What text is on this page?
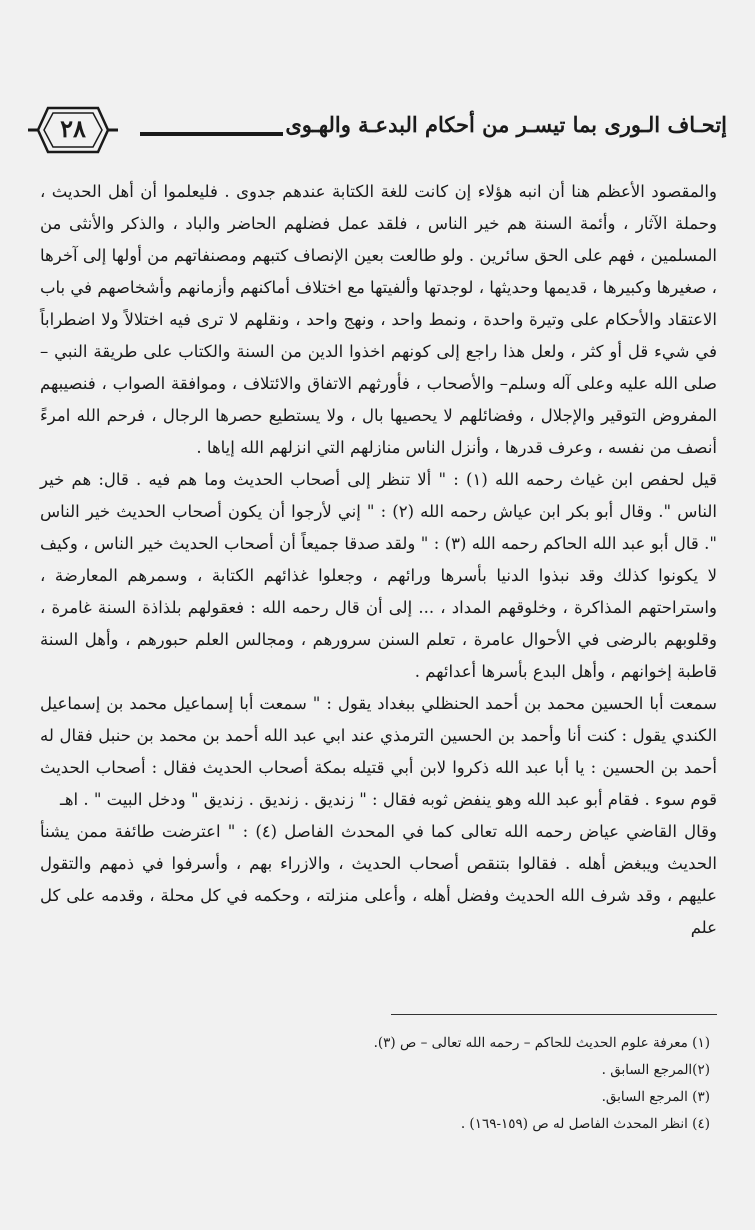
إتحـاف الـورى بما تيسـر من أحكام البدعـة والهـوى
٢٨

والمقصود الأعظم هنا أن انبه هؤلاء إن كانت للغة الكتابة عندهم جدوى . فليعلموا أن أهل الحديث ، وحملة الآثار ، وأئمة السنة هم خير الناس ، فلقد عمل فضلهم الحاضر والباد ، والذكر والأنثى من المسلمين ، فهم على الحق سائرين . ولو طالعت بعين الإنصاف كتبهم ومصنفاتهم من أولها إلى آخرها ، صغيرها وكبيرها ، قديمها وحديثها ، لوجدتها وألفيتها مع اختلاف أماكنهم وأزمانهم وأشخاصهم في باب الاعتقاد والأحكام على وتيرة واحدة ، ونمط واحد ، ونهج واحد ، ونقلهم لا ترى فيه اختلالاً ولا اضطراباً في شيء قل أو كثر ، ولعل هذا راجع إلى كونهم اخذوا الدين من السنة والكتاب على طريقة النبي –صلى الله عليه وعلى آله وسلم– والأصحاب ، فأورثهم الاتفاق والائتلاف ، وموافقة الصواب ، فنصيبهم المفروض التوقير والإجلال ، وفضائلهم لا يحصيها بال ، ولا يستطيع حصرها الرجال ، فرحم الله امرءً أنصف من نفسه ، وعرف قدرها ، وأنزل الناس منازلهم التي انزلهم الله إياها .

قيل لحفص ابن غياث رحمه الله (١) : " ألا تنظر إلى أصحاب الحديث وما هم فيه . قال: هم خير الناس ". وقال أبو بكر ابن عياش رحمه الله (٢) : " إني لأرجوا أن يكون أصحاب الحديث خير الناس ". قال أبو عبد الله الحاكم رحمه الله (٣) : " ولقد صدقا جميعاً أن أصحاب الحديث خير الناس ، وكيف لا يكونوا كذلك وقد نبذوا الدنيا بأسرها ورائهم ، وجعلوا غذائهم الكتابة ، وسمرهم المعارضة ، واستراحتهم المذاكرة ، وخلوقهم المداد ، ... إلى أن قال رحمه الله : فعقولهم بلذاذة السنة غامرة ، وقلوبهم بالرضى في الأحوال عامرة ، تعلم السنن سرورهم ، ومجالس العلم حبورهم ، وأهل السنة قاطبة إخوانهم ، وأهل البدع بأسرها أعدائهم .

سمعت أبا الحسين محمد بن أحمد الحنظلي ببغداد يقول : " سمعت أبا إسماعيل محمد بن إسماعيل الكندي يقول : كنت أنا وأحمد بن الحسين الترمذي عند ابي عبد الله أحمد بن محمد بن حنبل فقال له أحمد بن الحسين : يا أبا عبد الله ذكروا لابن أبي قتيله بمكة أصحاب الحديث فقال : أصحاب الحديث قوم سوء . فقام أبو عبد الله وهو ينفض ثوبه فقال : " زنديق . زنديق . زنديق " ودخل البيت " . اهـ

وقال القاضي عياض رحمه الله تعالى كما في المحدث الفاصل (٤) : " اعترضت طائفة ممن يشنأ الحديث ويبغض أهله . فقالوا بتنقص أصحاب الحديث ، والازراء بهم ، وأسرفوا في ذمهم والتقول عليهم ، وقد شرف الله الحديث وفضل أهله ، وأعلى منزلته ، وحكمه في كل محلة ، وقدمه على كل علم

(١) معرفة علوم الحديث للحاكم – رحمه الله تعالى – ص (٣).
(٢)المرجع السابق .
(٣) المرجع السابق.
(٤) انظر المحدث الفاصل له ص (١٥٩-١٦٩) .
